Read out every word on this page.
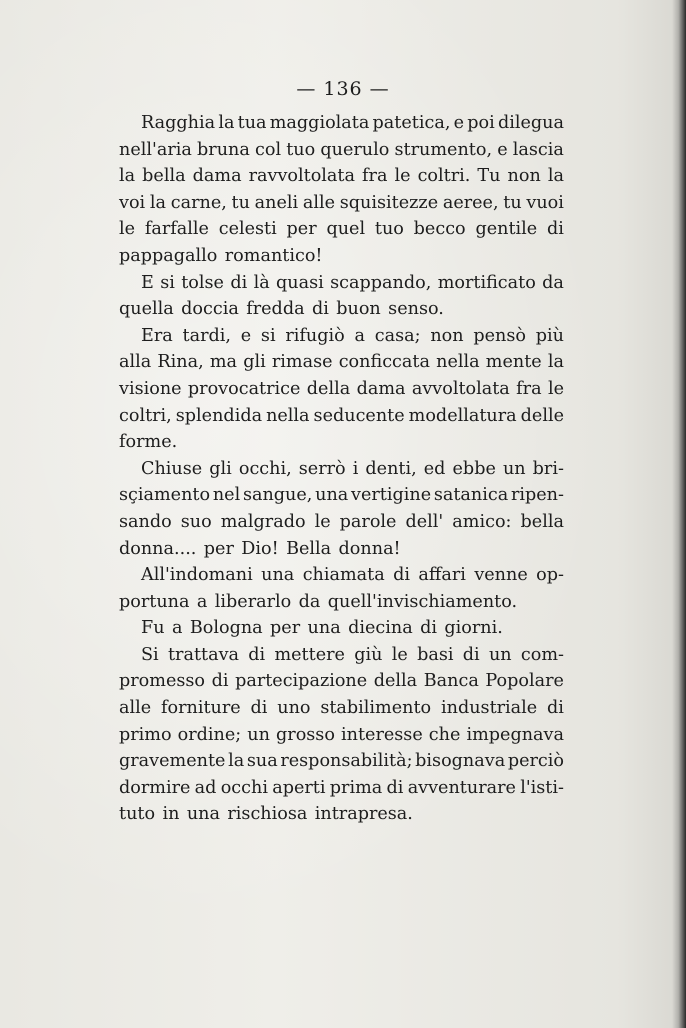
— 136 —
Ragghia la tua maggiolata patetica, e poi dilegua
nell'aria bruna col tuo querulo strumento, e lascia
la bella dama ravvoltolata fra le coltri. Tu non la
voi la carne, tu aneli alle squisitezze aeree, tu vuoi
le farfalle celesti per quel tuo becco gentile di
pappagallo romantico!
E si tolse di là quasi scappando, mortificato da
quella doccia fredda di buon senso.
Era tardi, e si rifugiò a casa; non pensò più
alla Rina, ma gli rimase conficcata nella mente la
visione provocatrice della dama avvoltolata fra le
coltri, splendida nella seducente modellatura delle
forme.
Chiuse gli occhi, serrò i denti, ed ebbe un bri-
sçiamento nel sangue, una vertigine satanica ripen-
sando suo malgrado le parole dell' amico: bella
donna.... per Dio! Bella donna!
All'indomani una chiamata di affari venne op-
portuna a liberarlo da quell'invischiamento.
Fu a Bologna per una diecina di giorni.
Si trattava di mettere giù le basi di un com-
promesso di partecipazione della Banca Popolare
alle forniture di uno stabilimento industriale di
primo ordine; un grosso interesse che impegnava
gravemente la sua responsabilità; bisognava perciò
dormire ad occhi aperti prima di avventurare l'isti-
tuto in una rischiosa intrapresa.
